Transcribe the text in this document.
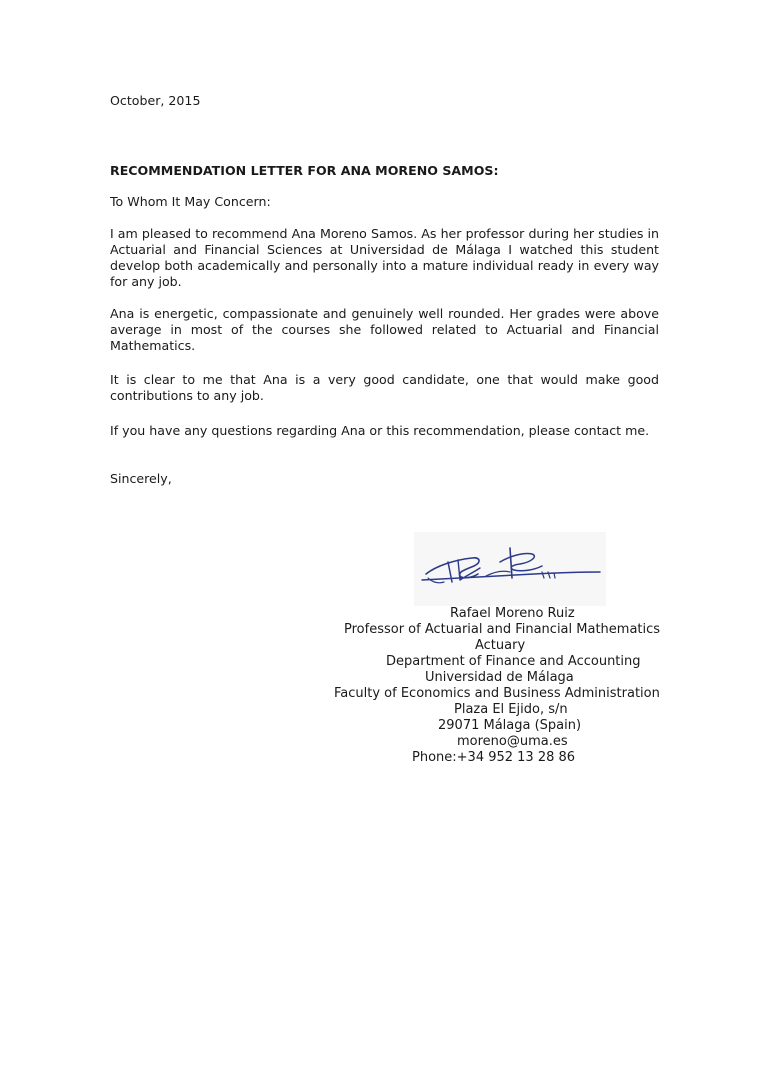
October, 2015

RECOMMENDATION LETTER FOR ANA MORENO SAMOS:

To Whom It May Concern:

I am pleased to recommend Ana Moreno Samos. As her professor during her studies in Actuarial and Financial Sciences at Universidad de Málaga I watched this student develop both academically and personally into a mature individual ready in every way for any job.

Ana is energetic, compassionate and genuinely well rounded. Her grades were above average in most of the courses she followed related to Actuarial and Financial Mathematics.

It is clear to me that Ana is a very good candidate, one that would make good contributions to any job.

If you have any questions regarding Ana or this recommendation, please contact me.

Sincerely,

Rafael Moreno Ruiz
Professor of Actuarial and Financial Mathematics
Actuary
Department of Finance and Accounting
Universidad de Málaga
Faculty of Economics and Business Administration
Plaza El Ejido, s/n
29071 Málaga (Spain)
moreno@uma.es
Phone:+34 952 13 28 86
